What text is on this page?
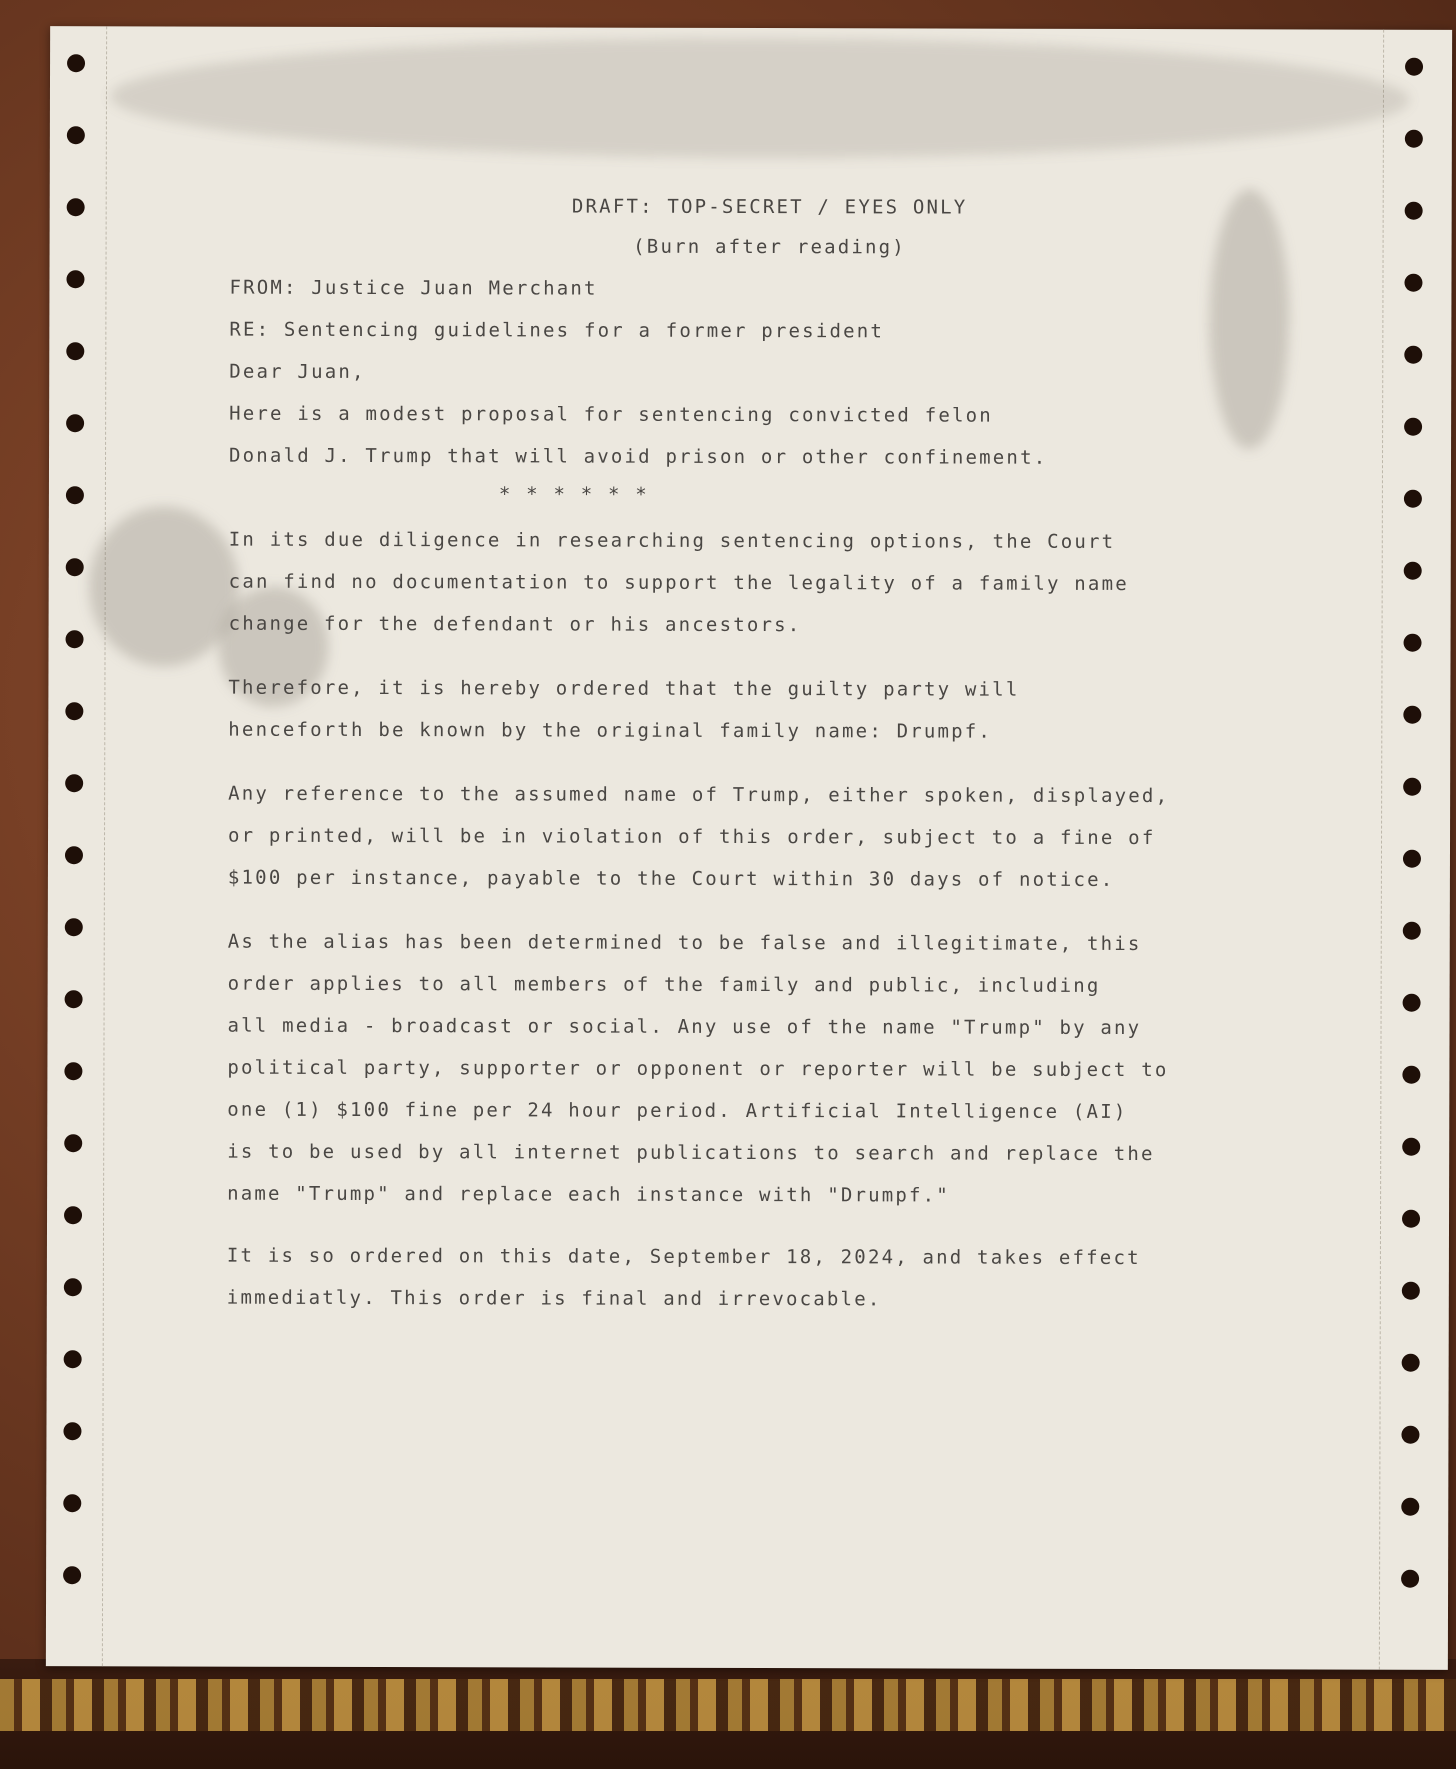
DRAFT: TOP-SECRET / EYES ONLY
(Burn after reading)
FROM: Justice Juan Merchant
RE: Sentencing guidelines for a former president
Dear Juan,
Here is a modest proposal for sentencing convicted felon
Donald J. Trump that will avoid prison or other confinement.
* * * * * *
In its due diligence in researching sentencing options, the Court
can find no documentation to support the legality of a family name
change for the defendant or his ancestors.
Therefore, it is hereby ordered that the guilty party will
henceforth be known by the original family name: Drumpf.
Any reference to the assumed name of Trump, either spoken, displayed,
or printed, will be in violation of this order, subject to a fine of
$100 per instance, payable to the Court within 30 days of notice.
As the alias has been determined to be false and illegitimate, this
order applies to all members of the family and public, including
all media - broadcast or social. Any use of the name "Trump" by any
political party, supporter or opponent or reporter will be subject to
one (1) $100 fine per 24 hour period. Artificial Intelligence (AI)
is to be used by all internet publications to search and replace the
name "Trump" and replace each instance with "Drumpf."
It is so ordered on this date, September 18, 2024, and takes effect
immediatly. This order is final and irrevocable.
